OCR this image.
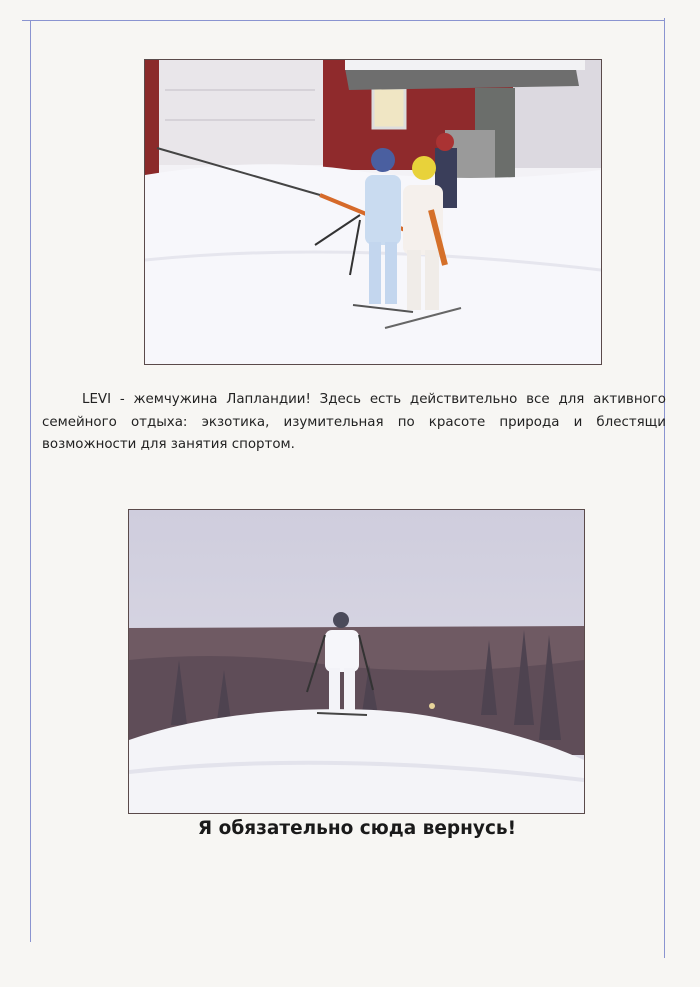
LEVI - жемчужина Лапландии! Здесь есть действительно все для активного семейного отдыха: экзотика, изумительная по красоте природа и блестящи возможности для занятия спортом.

Я обязательно сюда вернусь!
